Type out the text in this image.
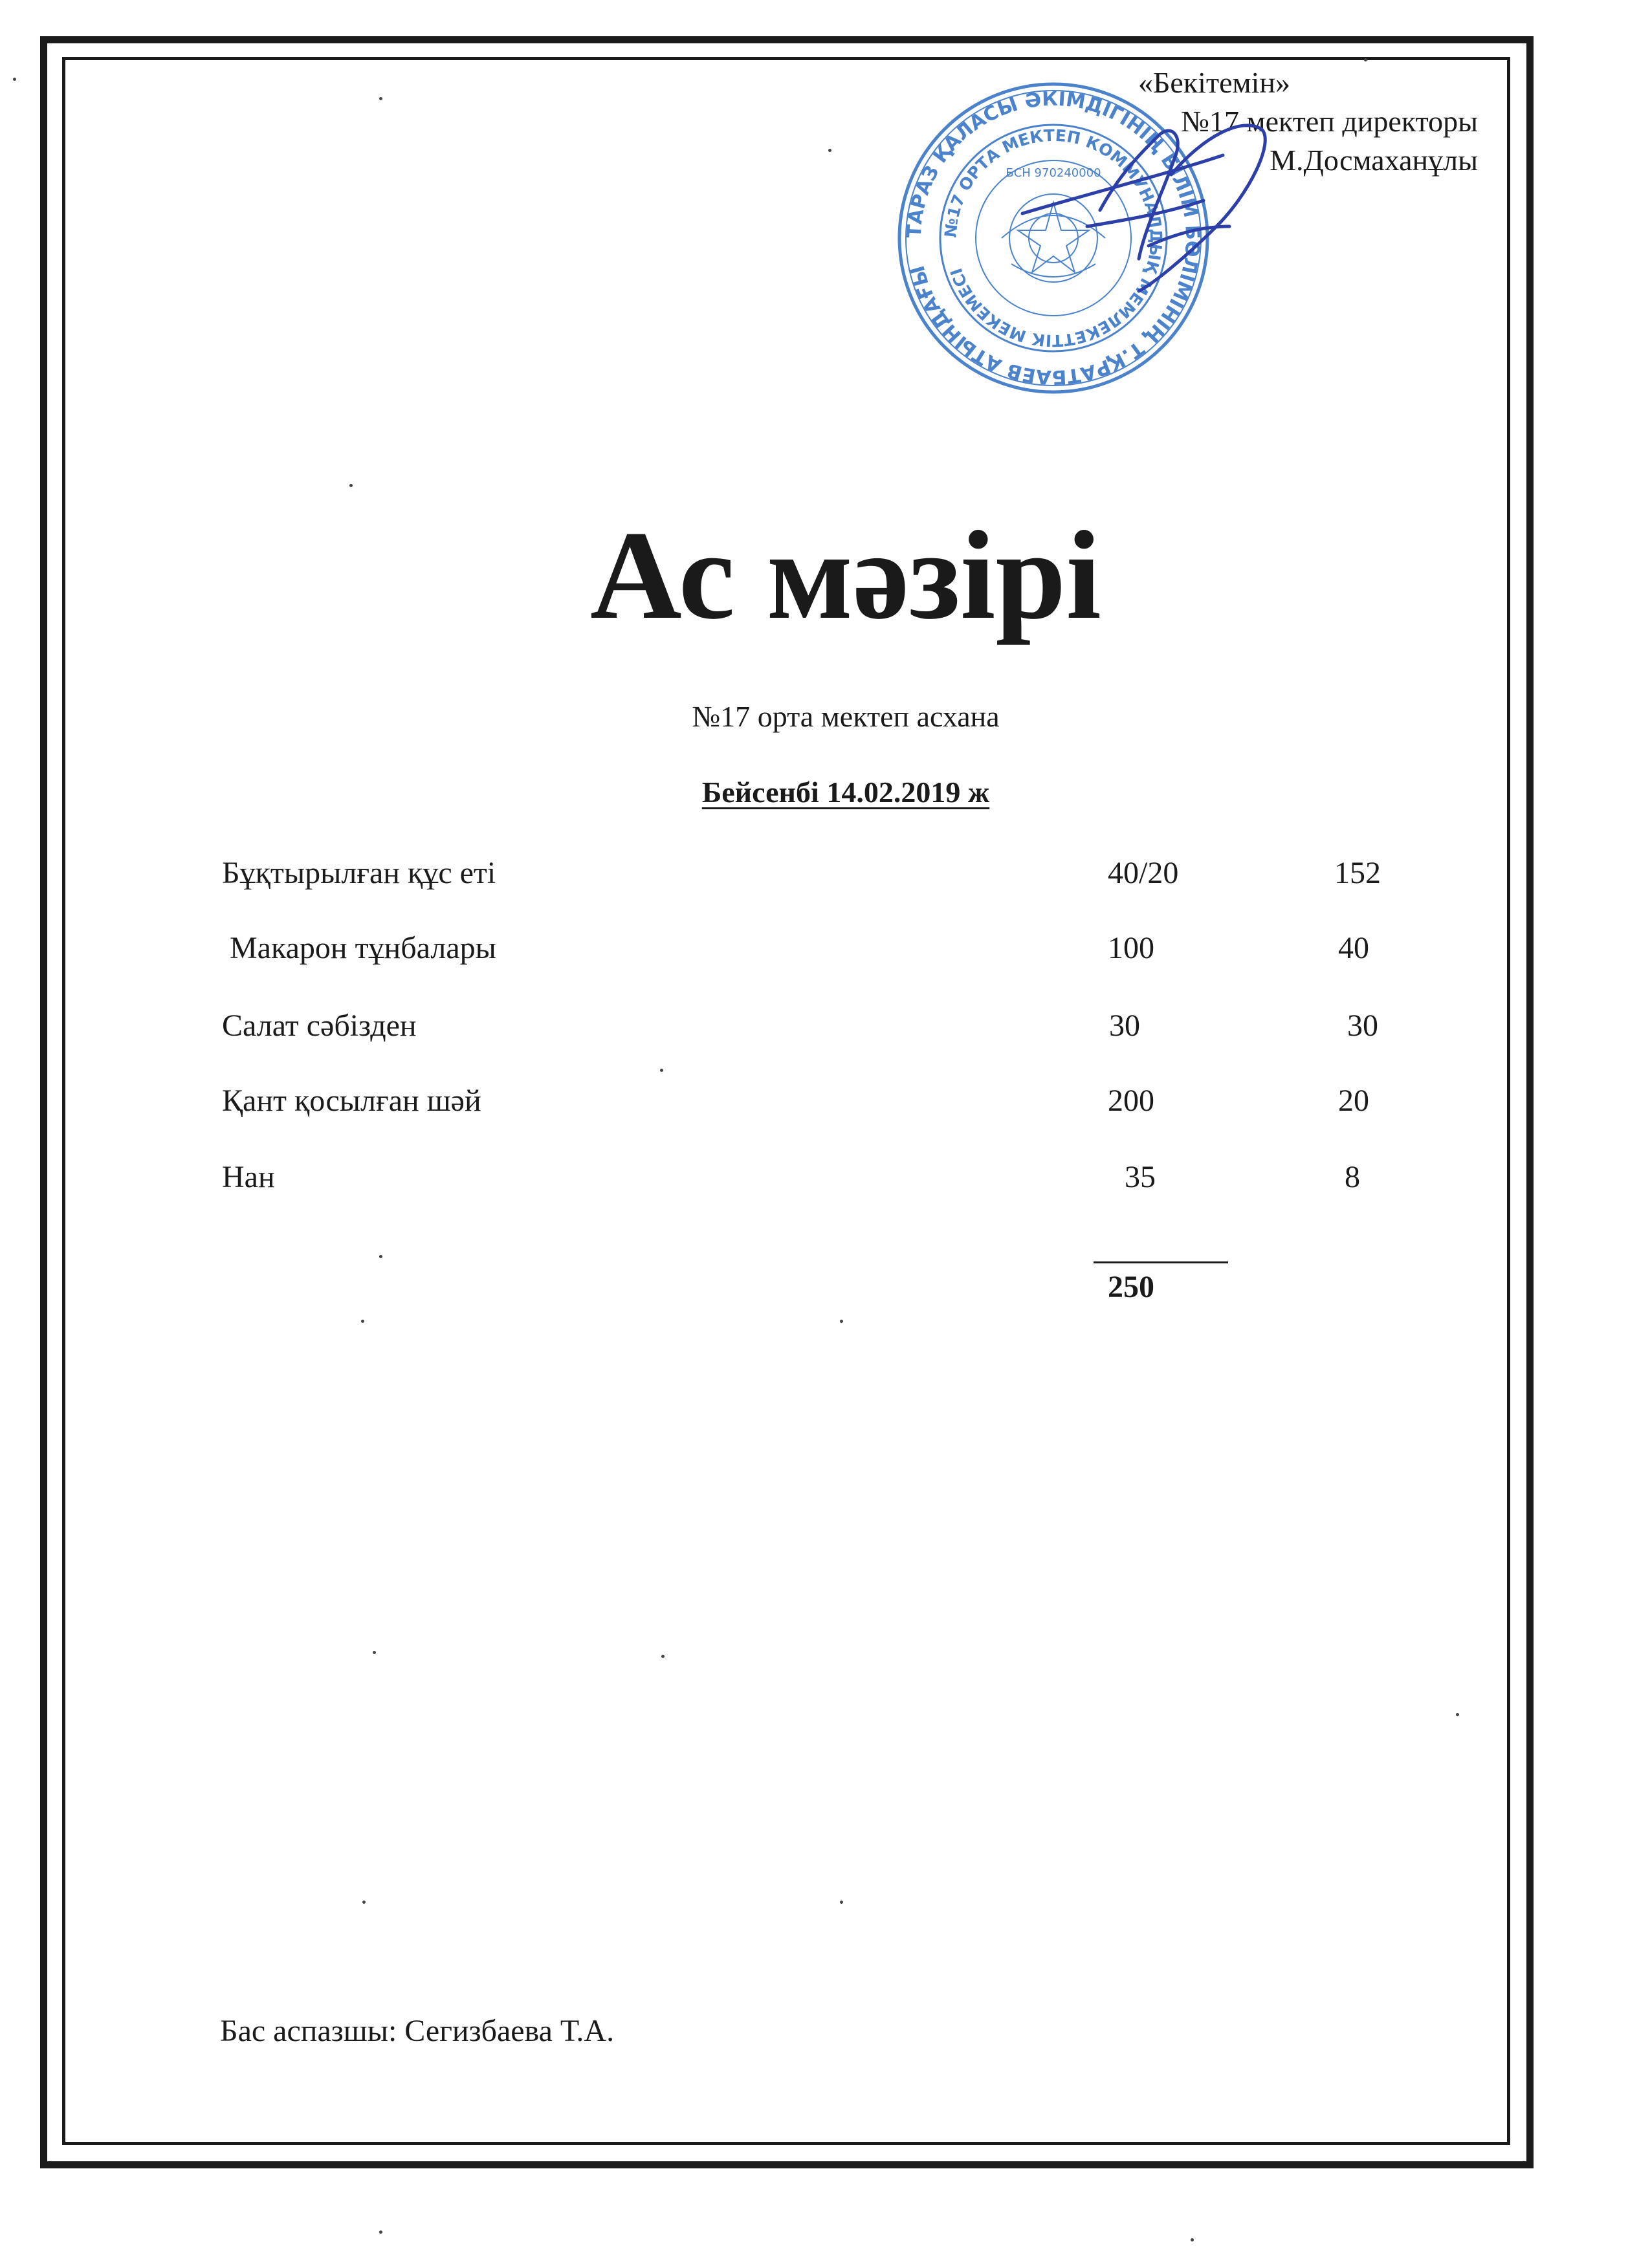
ТАРАЗ ҚАЛАСЫ ӘКІМДІГІНІҢ БІЛІМ БӨЛІМІНІҢ Т.ҚРАТБАЕВ АТЫНДАҒЫ
№17 ОРТА МЕКТЕП КОММУНАЛДЫҚ МЕМЛЕКЕТТІК МЕКЕМЕСІ
БСН 970240000
«Бекітемін»
№17 мектеп директоры
М.Досмаханұлы
Ас мәзірі
№17 орта мектеп асхана
Бейсенбі 14.02.2019 ж
Бұқтырылған құс еті	40/20	152
Макарон тұнбалары	100	40
Салат сәбізден	30	30
Қант қосылған шәй	200	20
Нан	35	8
250
Бас аспазшы: Сегизбаева Т.А.
